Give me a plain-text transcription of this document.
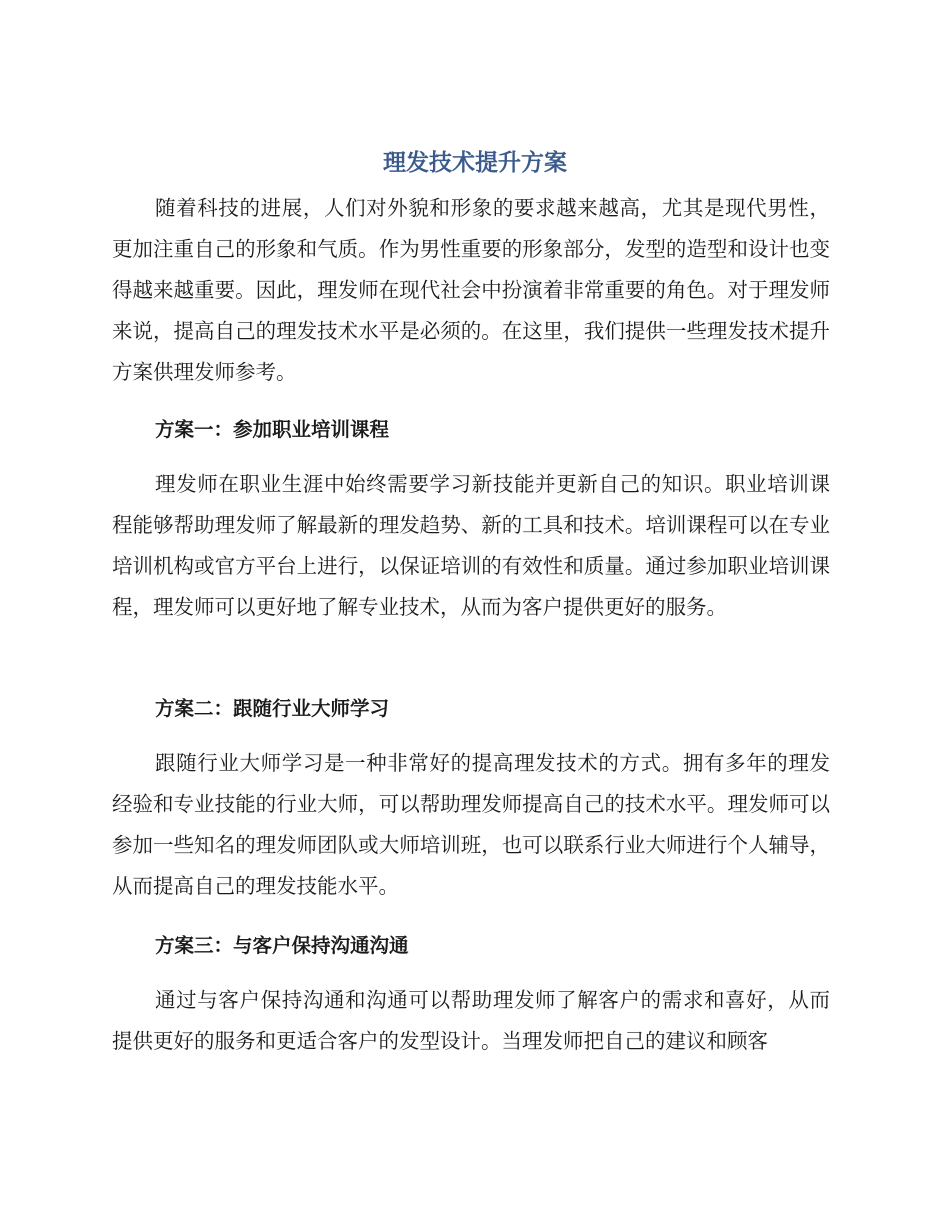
理发技术提升方案

随着科技的进展，人们对外貌和形象的要求越来越高，尤其是现代男性，更加注重自己的形象和气质。作为男性重要的形象部分，发型的造型和设计也变得越来越重要。因此，理发师在现代社会中扮演着非常重要的角色。对于理发师来说，提高自己的理发技术水平是必须的。在这里，我们提供一些理发技术提升方案供理发师参考。

方案一：参加职业培训课程

理发师在职业生涯中始终需要学习新技能并更新自己的知识。职业培训课程能够帮助理发师了解最新的理发趋势、新的工具和技术。培训课程可以在专业培训机构或官方平台上进行，以保证培训的有效性和质量。通过参加职业培训课程，理发师可以更好地了解专业技术，从而为客户提供更好的服务。

方案二：跟随行业大师学习

跟随行业大师学习是一种非常好的提高理发技术的方式。拥有多年的理发经验和专业技能的行业大师，可以帮助理发师提高自己的技术水平。理发师可以参加一些知名的理发师团队或大师培训班，也可以联系行业大师进行个人辅导，从而提高自己的理发技能水平。

方案三：与客户保持沟通沟通

通过与客户保持沟通和沟通可以帮助理发师了解客户的需求和喜好，从而提供更好的服务和更适合客户的发型设计。当理发师把自己的建议和顾客
